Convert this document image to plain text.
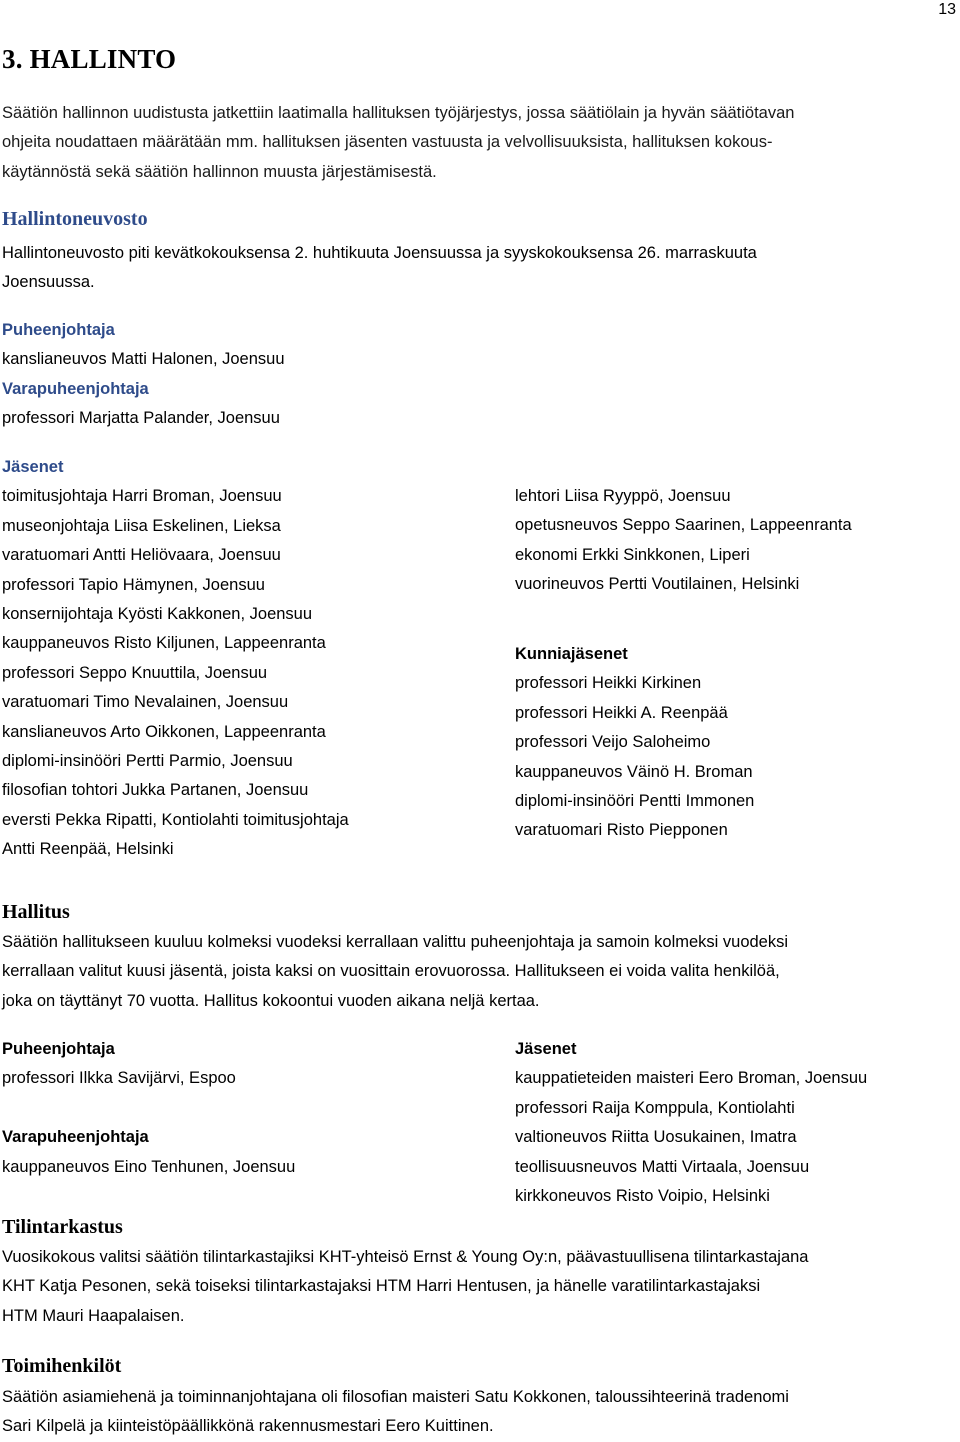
13
3. HALLINTO
Säätiön hallinnon uudistusta jatkettiin laatimalla hallituksen työjärjestys, jossa säätiölain ja hyvän säätiötavan
ohjeita noudattaen määrätään mm. hallituksen jäsenten vastuusta ja velvollisuuksista, hallituksen kokous-
käytännöstä sekä säätiön hallinnon muusta järjestämisestä.
Hallintoneuvosto
Hallintoneuvosto piti kevätkokouksensa 2. huhtikuuta Joensuussa ja syyskokouksensa 26. marraskuuta
Joensuussa.
Puheenjohtaja
kanslianeuvos Matti Halonen, Joensuu
Varapuheenjohtaja
professori Marjatta Palander, Joensuu
Jäsenet
toimitusjohtaja Harri Broman, Joensuu
museonjohtaja Liisa Eskelinen, Lieksa
varatuomari Antti Heliövaara, Joensuu
professori Tapio Hämynen, Joensuu
konsernijohtaja Kyösti Kakkonen, Joensuu
kauppaneuvos Risto Kiljunen, Lappeenranta
professori Seppo Knuuttila, Joensuu
varatuomari Timo Nevalainen, Joensuu
kanslianeuvos Arto Oikkonen, Lappeenranta
diplomi-insinööri Pertti Parmio, Joensuu
filosofian tohtori Jukka Partanen, Joensuu
eversti Pekka Ripatti, Kontiolahti toimitusjohtaja
Antti Reenpää, Helsinki
lehtori Liisa Ryyppö, Joensuu
opetusneuvos Seppo Saarinen, Lappeenranta
ekonomi Erkki Sinkkonen, Liperi
vuorineuvos Pertti Voutilainen, Helsinki
Kunniajäsenet
professori Heikki Kirkinen
professori Heikki A. Reenpää
professori Veijo Saloheimo
kauppaneuvos Väinö H. Broman
diplomi-insinööri Pentti Immonen
varatuomari Risto Piepponen
Hallitus
Säätiön hallitukseen kuuluu kolmeksi vuodeksi kerrallaan valittu puheenjohtaja ja samoin kolmeksi vuodeksi
kerrallaan valitut kuusi jäsentä, joista kaksi on vuosittain erovuorossa. Hallitukseen ei voida valita henkilöä,
joka on täyttänyt 70 vuotta. Hallitus kokoontui vuoden aikana neljä kertaa.
Puheenjohtaja
professori Ilkka Savijärvi, Espoo
Varapuheenjohtaja
kauppaneuvos Eino Tenhunen, Joensuu
Jäsenet
kauppatieteiden maisteri Eero Broman, Joensuu
professori Raija Komppula, Kontiolahti
valtioneuvos Riitta Uosukainen, Imatra
teollisuusneuvos Matti Virtaala, Joensuu
kirkkoneuvos Risto Voipio, Helsinki
Tilintarkastus
Vuosikokous valitsi säätiön tilintarkastajiksi KHT-yhteisö Ernst & Young Oy:n, päävastuullisena tilintarkastajana
KHT Katja Pesonen, sekä toiseksi tilintarkastajaksi HTM Harri Hentusen, ja hänelle varatilintarkastajaksi
HTM Mauri Haapalaisen.
Toimihenkilöt
Säätiön asiamiehenä ja toiminnanjohtajana oli filosofian maisteri Satu Kokkonen, taloussihteerinä tradenomi
Sari Kilpelä ja kiinteistöpäällikkönä rakennusmestari Eero Kuittinen.
